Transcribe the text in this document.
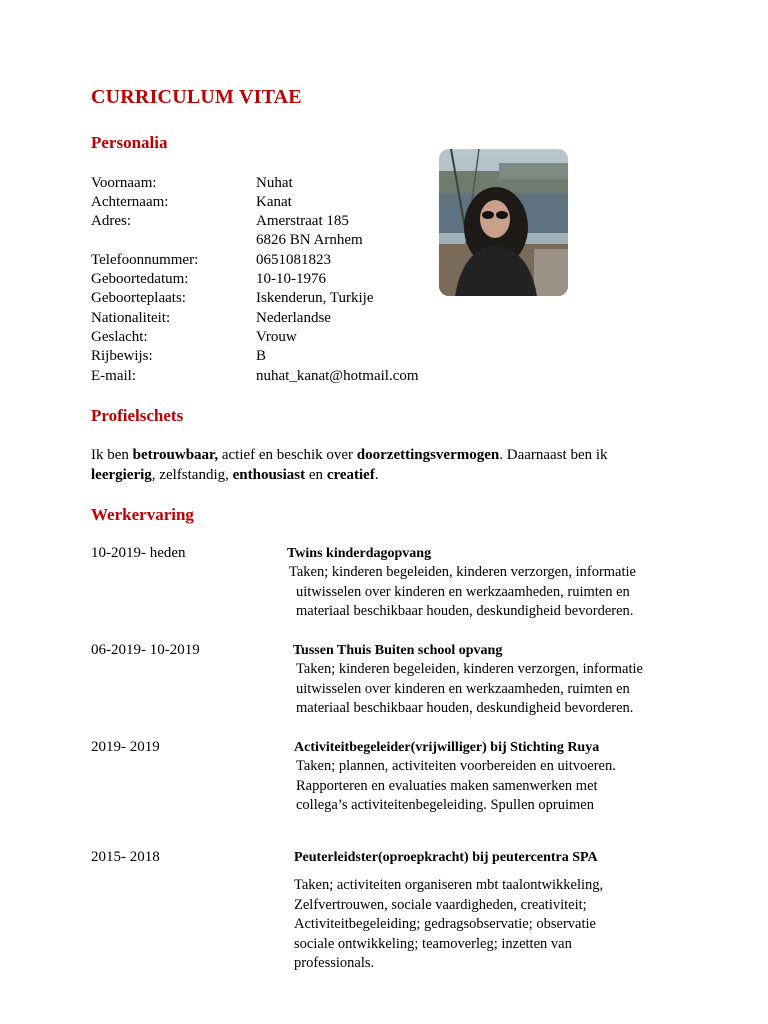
CURRICULUM VITAE
Personalia
Voornaam:	Nuhat
Achternaam:	Kanat
Adres:	Amerstraat 185
6826 BN Arnhem
Telefoonnummer:	0651081823
Geboortedatum:	10-10-1976
Geboorteplaats:	Iskenderun, Turkije
Nationaliteit:	Nederlandse
Geslacht:	Vrouw
Rijbewijs:	B
E-mail:	nuhat_kanat@hotmail.com
Profielschets

Ik ben betrouwbaar, actief en beschik over doorzettingsvermogen. Daarnaast ben ik
leergierig, zelfstandig, enthousiast en creatief.

Werkervaring
10-2019- heden	Twins kinderdagopvang
Taken; kinderen begeleiden, kinderen verzorgen, informatie
uitwisselen over kinderen en werkzaamheden, ruimten en
materiaal beschikbaar houden, deskundigheid bevorderen.
06-2019- 10-2019	Tussen Thuis Buiten school opvang
Taken; kinderen begeleiden, kinderen verzorgen, informatie
uitwisselen over kinderen en werkzaamheden, ruimten en
materiaal beschikbaar houden, deskundigheid bevorderen.
2019- 2019	Activiteitbegeleider(vrijwilliger) bij Stichting Ruya
Taken; plannen, activiteiten voorbereiden en uitvoeren.
Rapporteren en evaluaties maken samenwerken met
collega’s activiteitenbegeleiding. Spullen opruimen
2015- 2018	Peuterleidster(oproepkracht) bij peutercentra SPA
Taken; activiteiten organiseren mbt taalontwikkeling,
Zelfvertrouwen, sociale vaardigheden, creativiteit;
Activiteitbegeleiding; gedragsobservatie; observatie
sociale ontwikkeling; teamoverleg; inzetten van
professionals.
